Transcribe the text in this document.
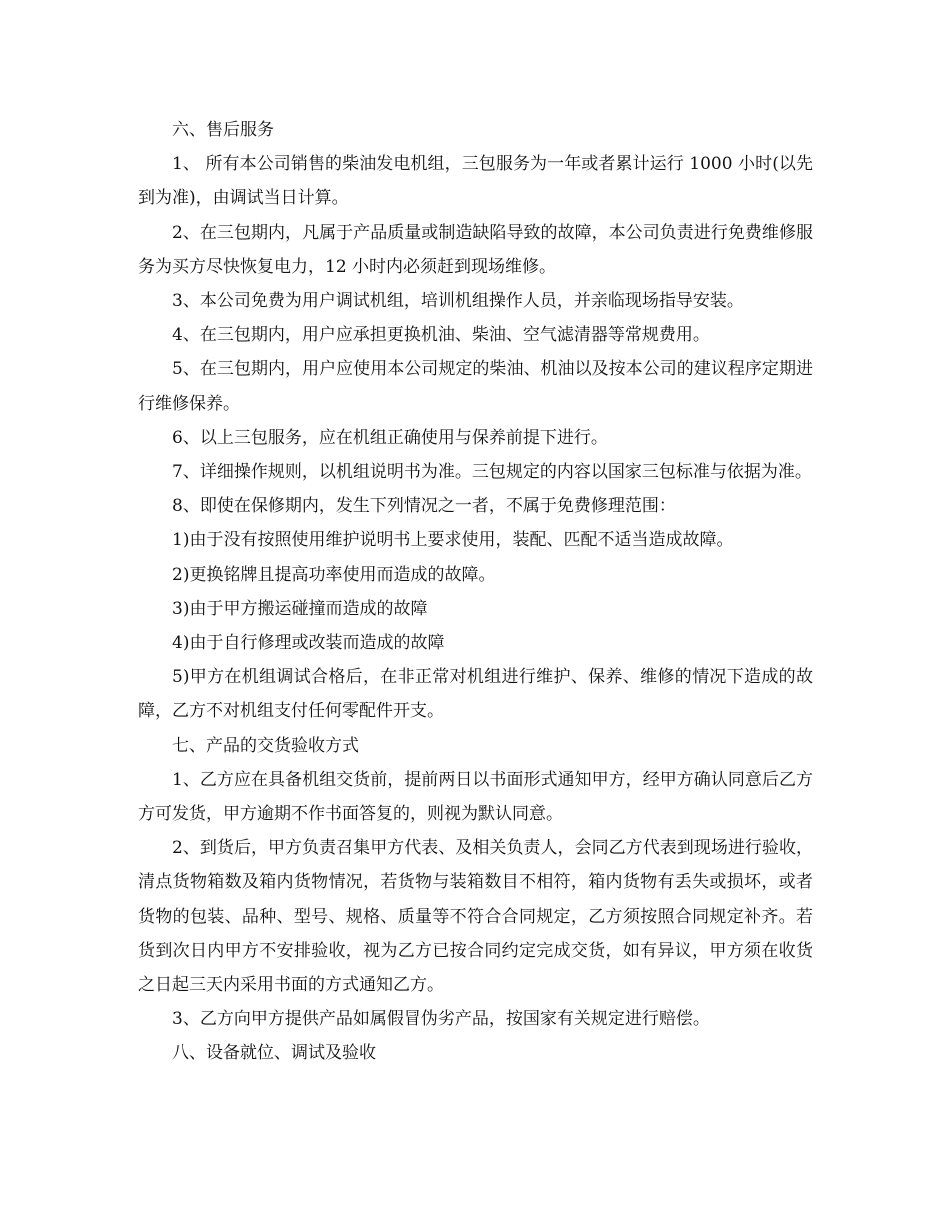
六、售后服务

1、 所有本公司销售的柴油发电机组，三包服务为一年或者累计运行 1000 小时(以先到为准)，由调试当日计算。

2、在三包期内，凡属于产品质量或制造缺陷导致的故障，本公司负责进行免费维修服务为买方尽快恢复电力，12 小时内必须赶到现场维修。

3、本公司免费为用户调试机组，培训机组操作人员，并亲临现场指导安装。

4、在三包期内，用户应承担更换机油、柴油、空气滤清器等常规费用。

5、在三包期内，用户应使用本公司规定的柴油、机油以及按本公司的建议程序定期进行维修保养。

6、以上三包服务，应在机组正确使用与保养前提下进行。

7、详细操作规则，以机组说明书为准。三包规定的内容以国家三包标准与依据为准。

8、即使在保修期内，发生下列情况之一者，不属于免费修理范围：

1)由于没有按照使用维护说明书上要求使用，装配、匹配不适当造成故障。

2)更换铭牌且提高功率使用而造成的故障。

3)由于甲方搬运碰撞而造成的故障

4)由于自行修理或改装而造成的故障

5)甲方在机组调试合格后，在非正常对机组进行维护、保养、维修的情况下造成的故障，乙方不对机组支付任何零配件开支。

七、产品的交货验收方式

1、乙方应在具备机组交货前，提前两日以书面形式通知甲方，经甲方确认同意后乙方方可发货，甲方逾期不作书面答复的，则视为默认同意。

2、到货后，甲方负责召集甲方代表、及相关负责人，会同乙方代表到现场进行验收，清点货物箱数及箱内货物情况，若货物与装箱数目不相符，箱内货物有丢失或损坏，或者货物的包装、品种、型号、规格、质量等不符合合同规定，乙方须按照合同规定补齐。若货到次日内甲方不安排验收，视为乙方已按合同约定完成交货，如有异议，甲方须在收货之日起三天内采用书面的方式通知乙方。

3、乙方向甲方提供产品如属假冒伪劣产品，按国家有关规定进行赔偿。

八、设备就位、调试及验收
